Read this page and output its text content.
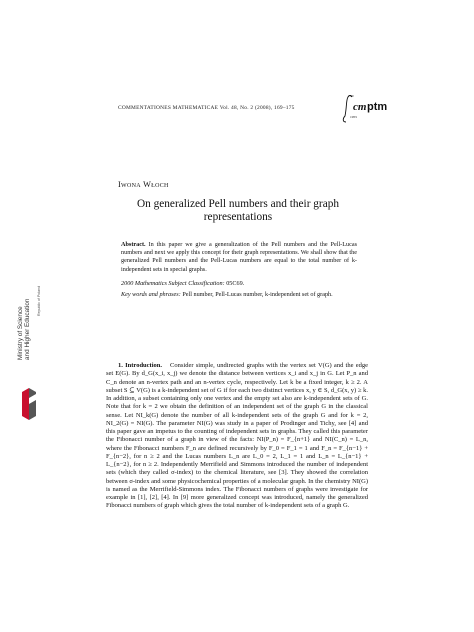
COMMENTATIONES MATHEMATICAE Vol. 48, No. 2 (2008), 169–175
50
cm ptm
1955
Ministry of Science and Higher Education Republic of Poland
Iwona Włoch
On generalized Pell numbers and their graph representations
Abstract. In this paper we give a generalization of the Pell numbers and the Pell-Lucas numbers and next we apply this concept for their graph representations. We shall show that the generalized Pell numbers and the Pell-Lucas numbers are equal to the total number of k-independent sets in special graphs.
2000 Mathematics Subject Classification: 05C69.
Key words and phrases: Pell number, Pell-Lucas number, k-independent set of graph.
1. Introduction. Consider simple, undirected graphs with the vertex set V(G) and the edge set E(G). By d_G(x_i, x_j) we denote the distance between vertices x_i and x_j in G. Let P_n and C_n denote an n-vertex path and an n-vertex cycle, respectively. Let k be a fixed integer, k ≥ 2. A subset S ⊆ V(G) is a k-independent set of G if for each two distinct vertices x, y ∈ S, d_G(x, y) ≥ k. In addition, a subset containing only one vertex and the empty set also are k-independent sets of G. Note that for k = 2 we obtain the definition of an independent set of the graph G in the classical sense. Let NI_k(G) denote the number of all k-independent sets of the graph G and for k = 2, NI_2(G) = NI(G). The parameter NI(G) was study in a paper of Prodinger and Tichy, see [4] and this paper gave an impetus to the counting of independent sets in graphs. They called this parameter the Fibonacci number of a graph in view of the facts: NI(P_n) = F_{n+1} and NI(C_n) = L_n, where the Fibonacci numbers F_n are defined recursively by F_0 = F_1 = 1 and F_n = F_{n−1} + F_{n−2}, for n ≥ 2 and the Lucas numbers L_n are L_0 = 2, L_1 = 1 and L_n = L_{n−1} + L_{n−2}, for n ≥ 2. Independently Merrifield and Simmons introduced the number of independent sets (which they called σ-index) to the chemical literature, see [3]. They showed the correlation between σ-index and some physicochemical properties of a molecular graph. In the chemistry NI(G) is named as the Merrifield-Simmons index. The Fibonacci numbers of graphs were investigate for example in [1], [2], [4]. In [9] more generalized concept was introduced, namely the generalized Fibonacci numbers of graph which gives the total number of k-independent sets of a graph G.
